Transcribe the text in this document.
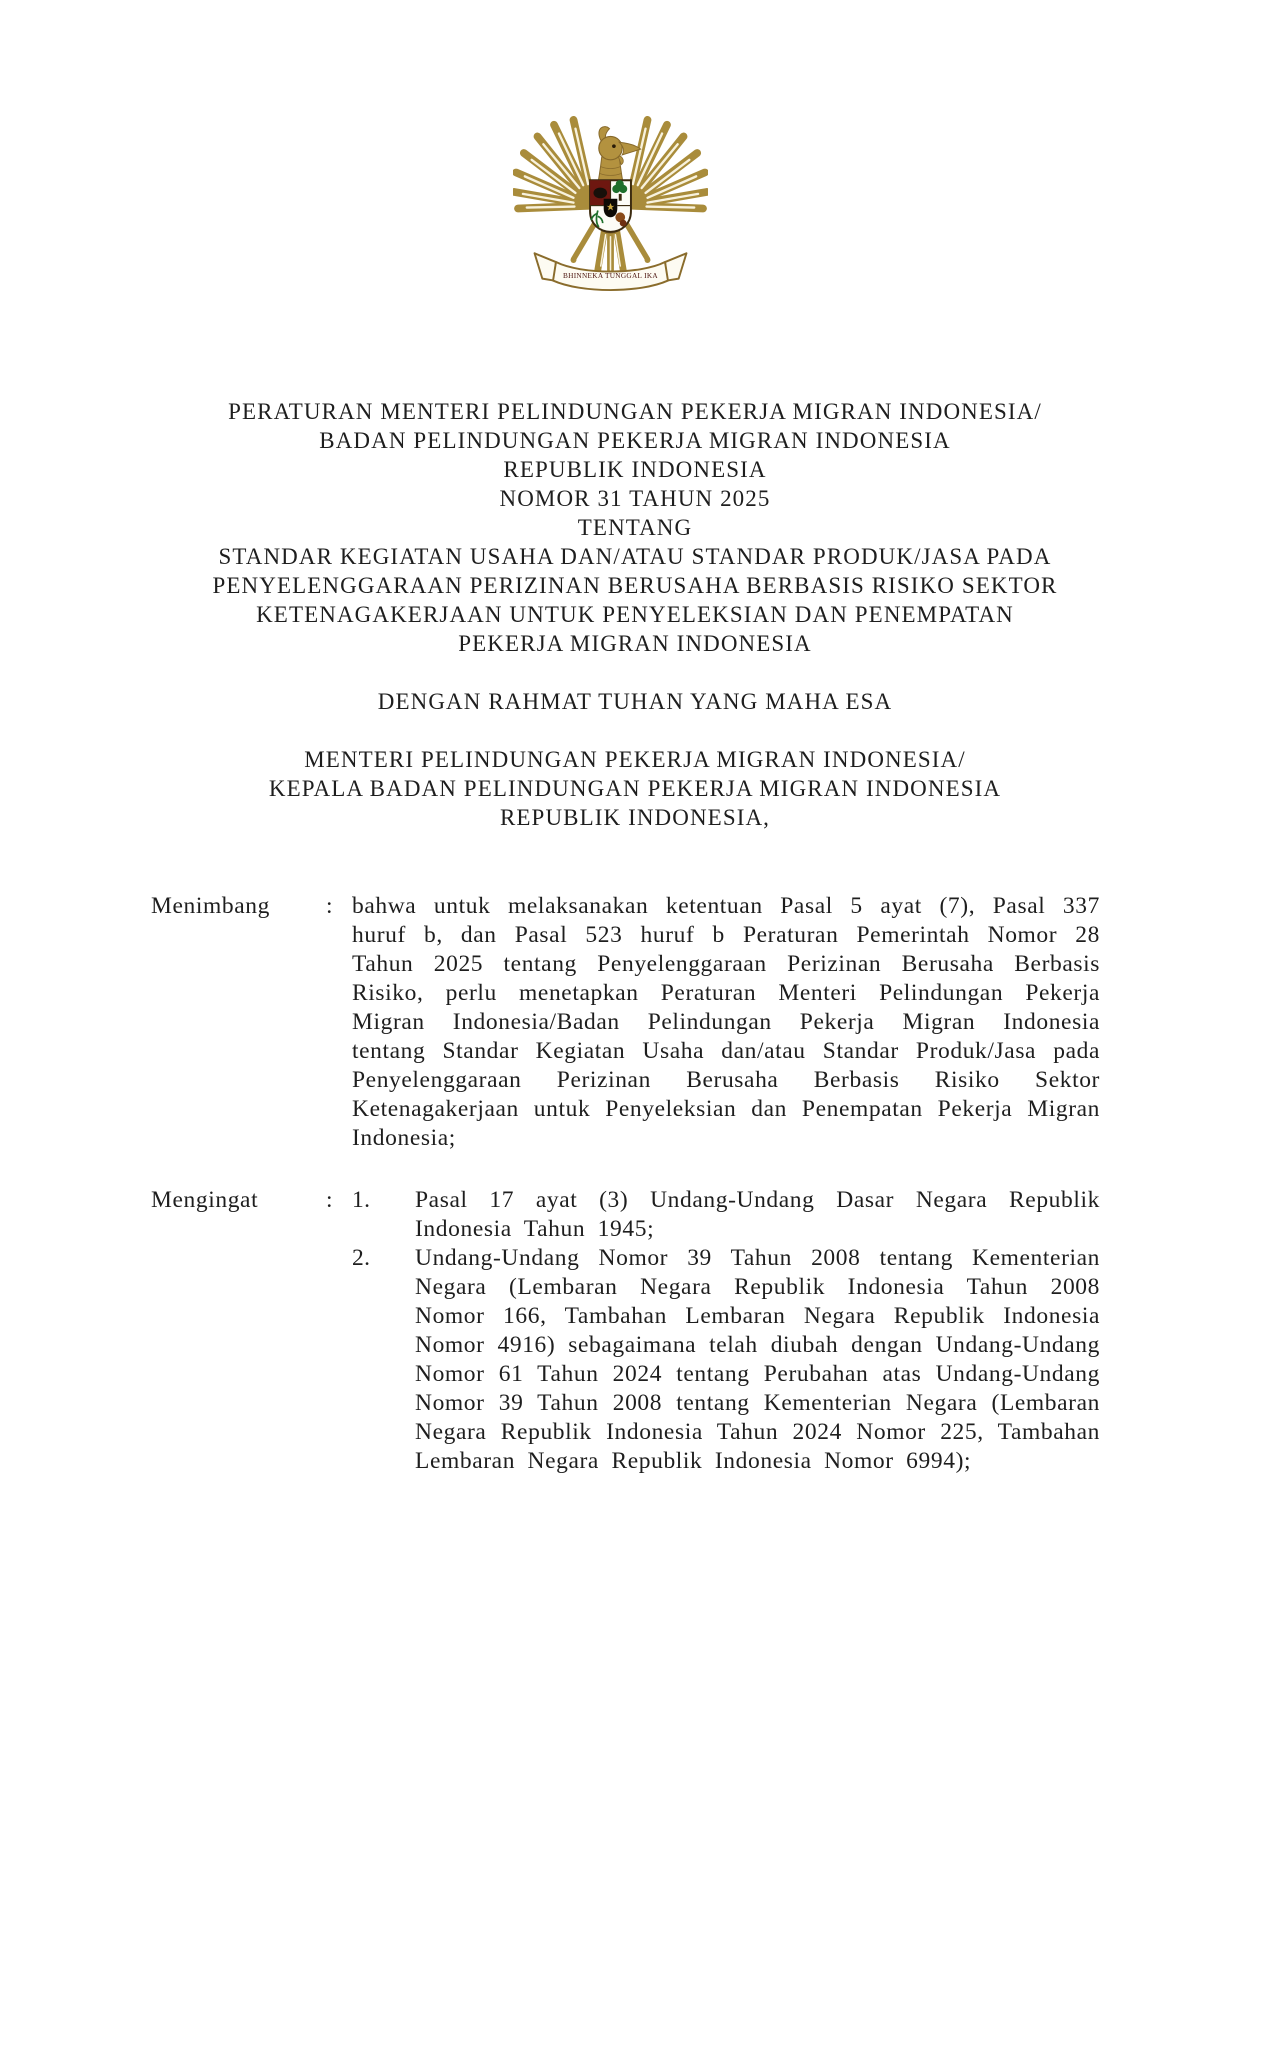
BHINNEKA TUNGGAL IKA
PERATURAN MENTERI PELINDUNGAN PEKERJA MIGRAN INDONESIA/
BADAN PELINDUNGAN PEKERJA MIGRAN INDONESIA
REPUBLIK INDONESIA
NOMOR 31 TAHUN 2025
TENTANG
STANDAR KEGIATAN USAHA DAN/ATAU STANDAR PRODUK/JASA PADA
PENYELENGGARAAN PERIZINAN BERUSAHA BERBASIS RISIKO SEKTOR
KETENAGAKERJAAN UNTUK PENYELEKSIAN DAN PENEMPATAN
PEKERJA MIGRAN INDONESIA
DENGAN RAHMAT TUHAN YANG MAHA ESA
MENTERI PELINDUNGAN PEKERJA MIGRAN INDONESIA/
KEPALA BADAN PELINDUNGAN PEKERJA MIGRAN INDONESIA
REPUBLIK INDONESIA,
Menimbang	: bahwa untuk melaksanakan ketentuan Pasal 5 ayat (7), Pasal 337 huruf b, dan Pasal 523 huruf b Peraturan Pemerintah Nomor 28 Tahun 2025 tentang Penyelenggaraan Perizinan Berusaha Berbasis Risiko, perlu menetapkan Peraturan Menteri Pelindungan Pekerja Migran Indonesia/Badan Pelindungan Pekerja Migran Indonesia tentang Standar Kegiatan Usaha dan/atau Standar Produk/Jasa pada Penyelenggaraan Perizinan Berusaha Berbasis Risiko Sektor Ketenagakerjaan untuk Penyeleksian dan Penempatan Pekerja Migran Indonesia;
Mengingat	: 1.	Pasal 17 ayat (3) Undang-Undang Dasar Negara Republik Indonesia Tahun 1945;
2.	Undang-Undang Nomor 39 Tahun 2008 tentang Kementerian Negara (Lembaran Negara Republik Indonesia Tahun 2008 Nomor 166, Tambahan Lembaran Negara Republik Indonesia Nomor 4916) sebagaimana telah diubah dengan Undang-Undang Nomor 61 Tahun 2024 tentang Perubahan atas Undang-Undang Nomor 39 Tahun 2008 tentang Kementerian Negara (Lembaran Negara Republik Indonesia Tahun 2024 Nomor 225, Tambahan Lembaran Negara Republik Indonesia Nomor 6994);
